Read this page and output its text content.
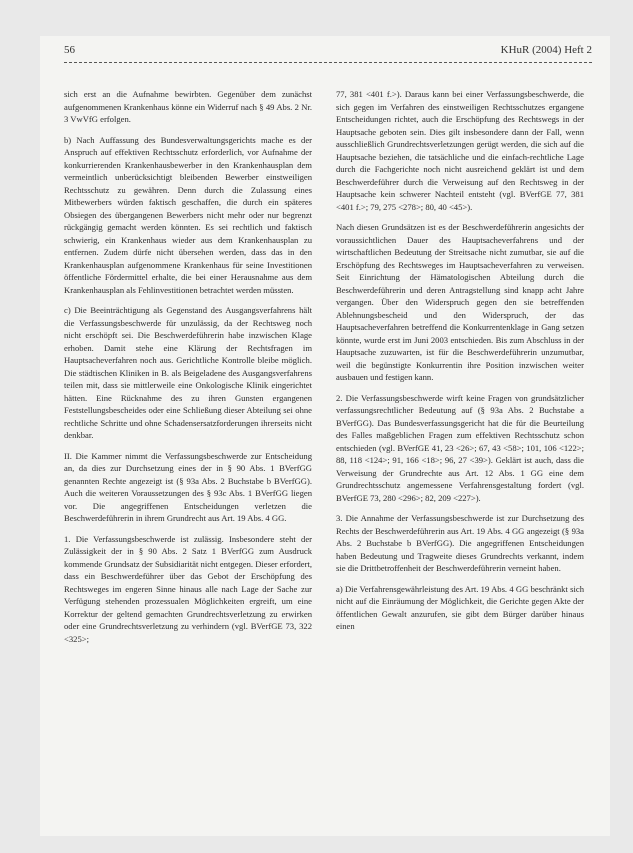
56	KHuR (2004) Heft 2

sich erst an die Aufnahme bewirbten. Gegenüber dem zunächst aufgenommenen Krankenhaus könne ein Widerruf nach § 49 Abs. 2 Nr. 3 VwVfG erfolgen.

b) Nach Auffassung des Bundesverwaltungsgerichts mache es der Anspruch auf effektiven Rechtsschutz erforderlich, vor Aufnahme der konkurrierenden Krankenhausbewerber in den Krankenhausplan dem vermeintlich unberücksichtigt bleibenden Bewerber einstweiligen Rechtsschutz zu gewähren. Denn durch die Zulassung eines Mitbewerbers würden faktisch geschaffen, die durch ein späteres Obsiegen des übergangenen Bewerbers nicht mehr oder nur begrenzt rückgängig gemacht werden könnten. Es sei rechtlich und faktisch schwierig, ein Krankenhaus wieder aus dem Krankenhausplan zu entfernen. Zudem dürfe nicht übersehen werden, dass das in den Krankenhausplan aufgenommene Krankenhaus für seine Investitionen öffentliche Fördermittel erhalte, die bei einer Herausnahme aus dem Krankenhausplan als Fehlinvestitionen betrachtet werden müssten.

c) Die Beeinträchtigung als Gegenstand des Ausgangsverfahrens hält die Verfassungsbeschwerde für unzulässig, da der Rechtsweg noch nicht erschöpft sei. Die Beschwerdeführerin habe inzwischen Klage erhoben. Damit stehe eine Klärung der Rechtsfragen im Hauptsacheverfahren noch aus. Gerichtliche Kontrolle bleibe möglich. Die städtischen Kliniken in B. als Beigeladene des Ausgangsverfahrens teilen mit, dass sie mittlerweile eine Onkologische Klinik eingerichtet hätten. Eine Rücknahme des zu ihren Gunsten ergangenen Feststellungsbescheides oder eine Schließung dieser Abteilung sei ohne rechtliche Schritte und ohne Schadensersatzforderungen ihrerseits nicht denkbar.

II. Die Kammer nimmt die Verfassungsbeschwerde zur Entscheidung an, da dies zur Durchsetzung eines der in § 90 Abs. 1 BVerfGG genannten Rechte angezeigt ist (§ 93a Abs. 2 Buchstabe b BVerfGG). Auch die weiteren Voraussetzungen des § 93c Abs. 1 BVerfGG liegen vor. Die angegriffenen Entscheidungen verletzen die Beschwerdeführerin in ihrem Grundrecht aus Art. 19 Abs. 4 GG.

1. Die Verfassungsbeschwerde ist zulässig. Insbesondere steht der Zulässigkeit der in § 90 Abs. 2 Satz 1 BVerfGG zum Ausdruck kommende Grundsatz der Subsidiarität nicht entgegen. Dieser erfordert, dass ein Beschwerdeführer über das Gebot der Erschöpfung des Rechtsweges im engeren Sinne hinaus alle nach Lage der Sache zur Verfügung stehenden prozessualen Möglichkeiten ergreift, um eine Korrektur der geltend gemachten Grundrechtsverletzung zu erwirken oder eine Grundrechtsverletzung zu verhindern (vgl. BVerfGE 73, 322 <325>;

77, 381 <401 f.>). Daraus kann bei einer Verfassungsbeschwerde, die sich gegen im Verfahren des einstweiligen Rechtsschutzes ergangene Entscheidungen richtet, auch die Erschöpfung des Rechtswegs in der Hauptsache geboten sein. Dies gilt insbesondere dann der Fall, wenn ausschließlich Grundrechtsverletzungen gerügt werden, die sich auf die Hauptsache beziehen, die tatsächliche und die einfach-rechtliche Lage durch die Fachgerichte noch nicht ausreichend geklärt ist und dem Beschwerdeführer durch die Verweisung auf den Rechtsweg in der Hauptsache kein schwerer Nachteil entsteht (vgl. BVerfGE 77, 381 <401 f.>; 79, 275 <278>; 80, 40 <45>).

Nach diesen Grundsätzen ist es der Beschwerdeführerin angesichts der voraussichtlichen Dauer des Hauptsacheverfahrens und der wirtschaftlichen Bedeutung der Streitsache nicht zumutbar, sie auf die Erschöpfung des Rechtsweges im Hauptsacheverfahren zu verweisen. Seit Einrichtung der Hämatologischen Abteilung durch die Beschwerdeführerin und deren Antragstellung sind knapp acht Jahre vergangen. Über den Widerspruch gegen den sie betreffenden Ablehnungsbescheid und den Widerspruch, der das Hauptsacheverfahren betreffend die Konkurrentenklage in Gang setzen könnte, wurde erst im Juni 2003 entschieden. Bis zum Abschluss in der Hauptsache zuzuwarten, ist für die Beschwerdeführerin unzumutbar, weil die begünstigte Konkurrentin ihre Position inzwischen weiter ausbauen und festigen kann.

2. Die Verfassungsbeschwerde wirft keine Fragen von grundsätzlicher verfassungsrechtlicher Bedeutung auf (§ 93a Abs. 2 Buchstabe a BVerfGG). Das Bundesverfassungsgericht hat die für die Beurteilung des Falles maßgeblichen Fragen zum effektiven Rechtsschutz schon entschieden (vgl. BVerfGE 41, 23 <26>; 67, 43 <58>; 101, 106 <122>; 88, 118 <124>; 91, 166 <18>; 96, 27 <39>). Geklärt ist auch, dass die Verweisung der Grundrechte aus Art. 12 Abs. 1 GG eine dem Grundrechtsschutz angemessene Verfahrensgestaltung fordert (vgl. BVerfGE 73, 280 <296>; 82, 209 <227>).

3. Die Annahme der Verfassungsbeschwerde ist zur Durchsetzung des Rechts der Beschwerdeführerin aus Art. 19 Abs. 4 GG angezeigt (§ 93a Abs. 2 Buchstabe b BVerfGG). Die angegriffenen Entscheidungen haben Bedeutung und Tragweite dieses Grundrechts verkannt, indem sie die Drittbetroffenheit der Beschwerdeführerin verneint haben.

a) Die Verfahrensgewährleistung des Art. 19 Abs. 4 GG beschränkt sich nicht auf die Einräumung der Möglichkeit, die Gerichte gegen Akte der öffentlichen Gewalt anzurufen, sie gibt dem Bürger darüber hinaus einen
